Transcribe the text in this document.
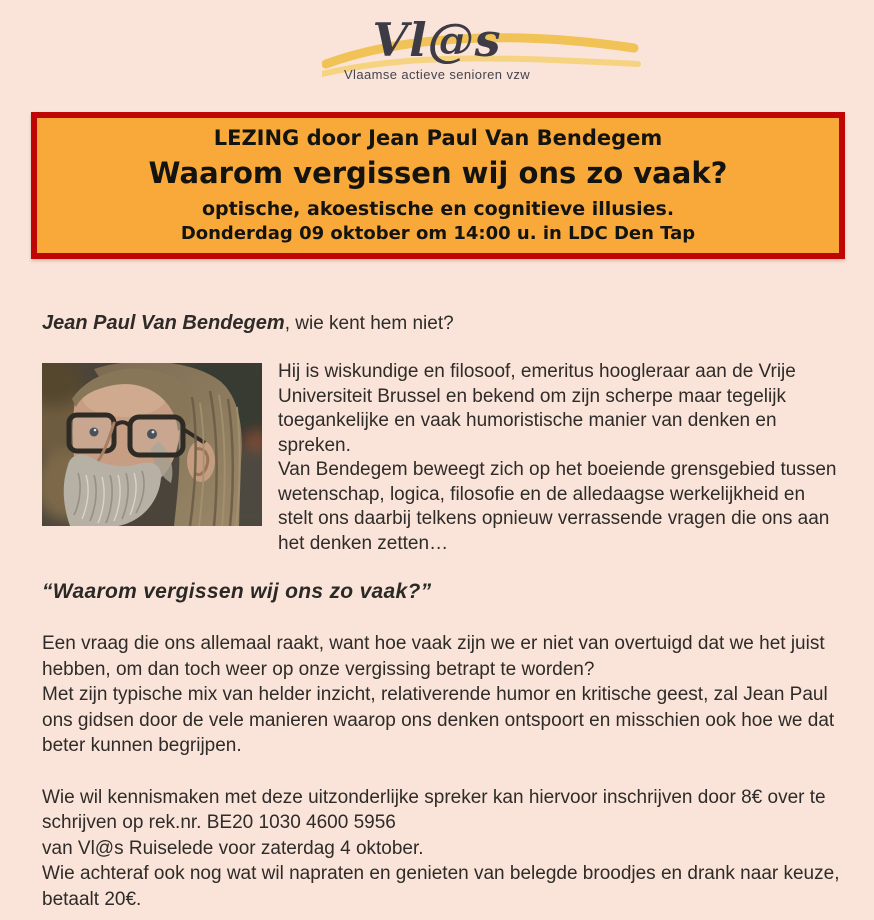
Vl@s
Vlaamse actieve senioren vzw
LEZING door Jean Paul Van Bendegem
Waarom vergissen wij ons zo vaak?
optische, akoestische en cognitieve illusies.
Donderdag 09 oktober om 14:00 u. in LDC Den Tap

Jean Paul Van Bendegem, wie kent hem niet?

Hij is wiskundige en filosoof, emeritus hoogleraar aan de Vrije Universiteit Brussel en bekend om zijn scherpe maar tegelijk toegankelijke en vaak humoristische manier van denken en spreken.
Van Bendegem beweegt zich op het boeiende grensgebied tussen wetenschap, logica, filosofie en de alledaagse werkelijkheid en stelt ons daarbij telkens opnieuw verrassende vragen die ons aan het denken zetten…
“Waarom vergissen wij ons zo vaak?”
Een vraag die ons allemaal raakt, want hoe vaak zijn we er niet van overtuigd dat we het juist hebben, om dan toch weer op onze vergissing betrapt te worden?
Met zijn typische mix van helder inzicht, relativerende humor en kritische geest, zal Jean Paul ons gidsen door de vele manieren waarop ons denken ontspoort en misschien ook hoe we dat beter kunnen begrijpen.
Wie wil kennismaken met deze uitzonderlijke spreker kan hiervoor inschrijven door 8€ over te schrijven op rek.nr. BE20 1030 4600 5956
van Vl@s Ruiselede voor zaterdag 4 oktober.
Wie achteraf ook nog wat wil napraten en genieten van belegde broodjes en drank naar keuze, betaalt 20€.
